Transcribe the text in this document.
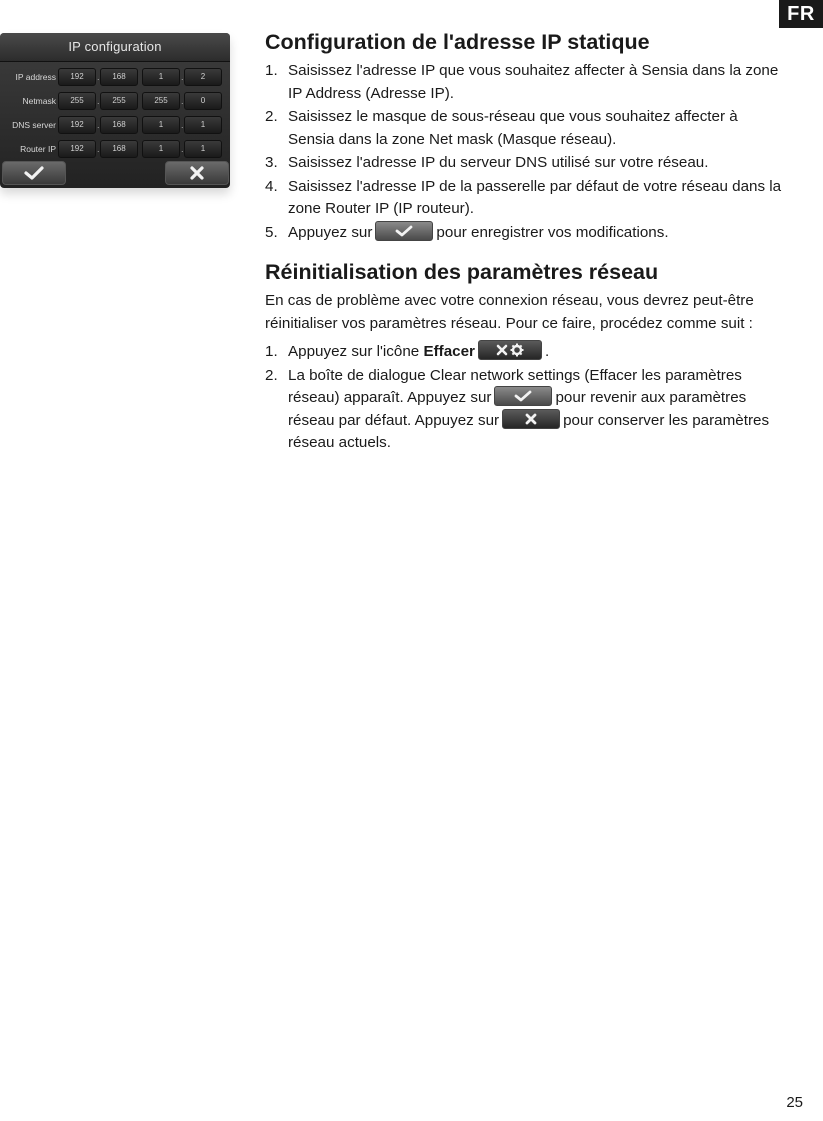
FR
IP configuration
IP address	192	.	168	1	.	2
Netmask	255	.	255	255	.	0
DNS server	192	.	168	1	.	1
Router IP	192	.	168	1	.	1
Configuration de l'adresse IP statique
1. Saisissez l'adresse IP que vous souhaitez affecter à Sensia dans la zone IP Address (Adresse IP).
2. Saisissez le masque de sous-réseau que vous souhaitez affecter à Sensia dans la zone Net mask (Masque réseau).
3. Saisissez l'adresse IP du serveur DNS utilisé sur votre réseau.
4. Saisissez l'adresse IP de la passerelle par défaut de votre réseau dans la zone Router IP (IP routeur).
5. Appuyez sur	pour enregistrer vos modifications.
Réinitialisation des paramètres réseau

En cas de problème avec votre connexion réseau, vous devrez peut-être réinitialiser vos paramètres réseau. Pour ce faire, procédez comme suit :

1. Appuyez sur l'icône Effacer	.
2. La boîte de dialogue Clear network settings (Effacer les paramètres réseau) apparaît. Appuyez sur	pour revenir aux paramètres réseau par défaut. Appuyez sur	pour conserver les paramètres réseau actuels.
25
